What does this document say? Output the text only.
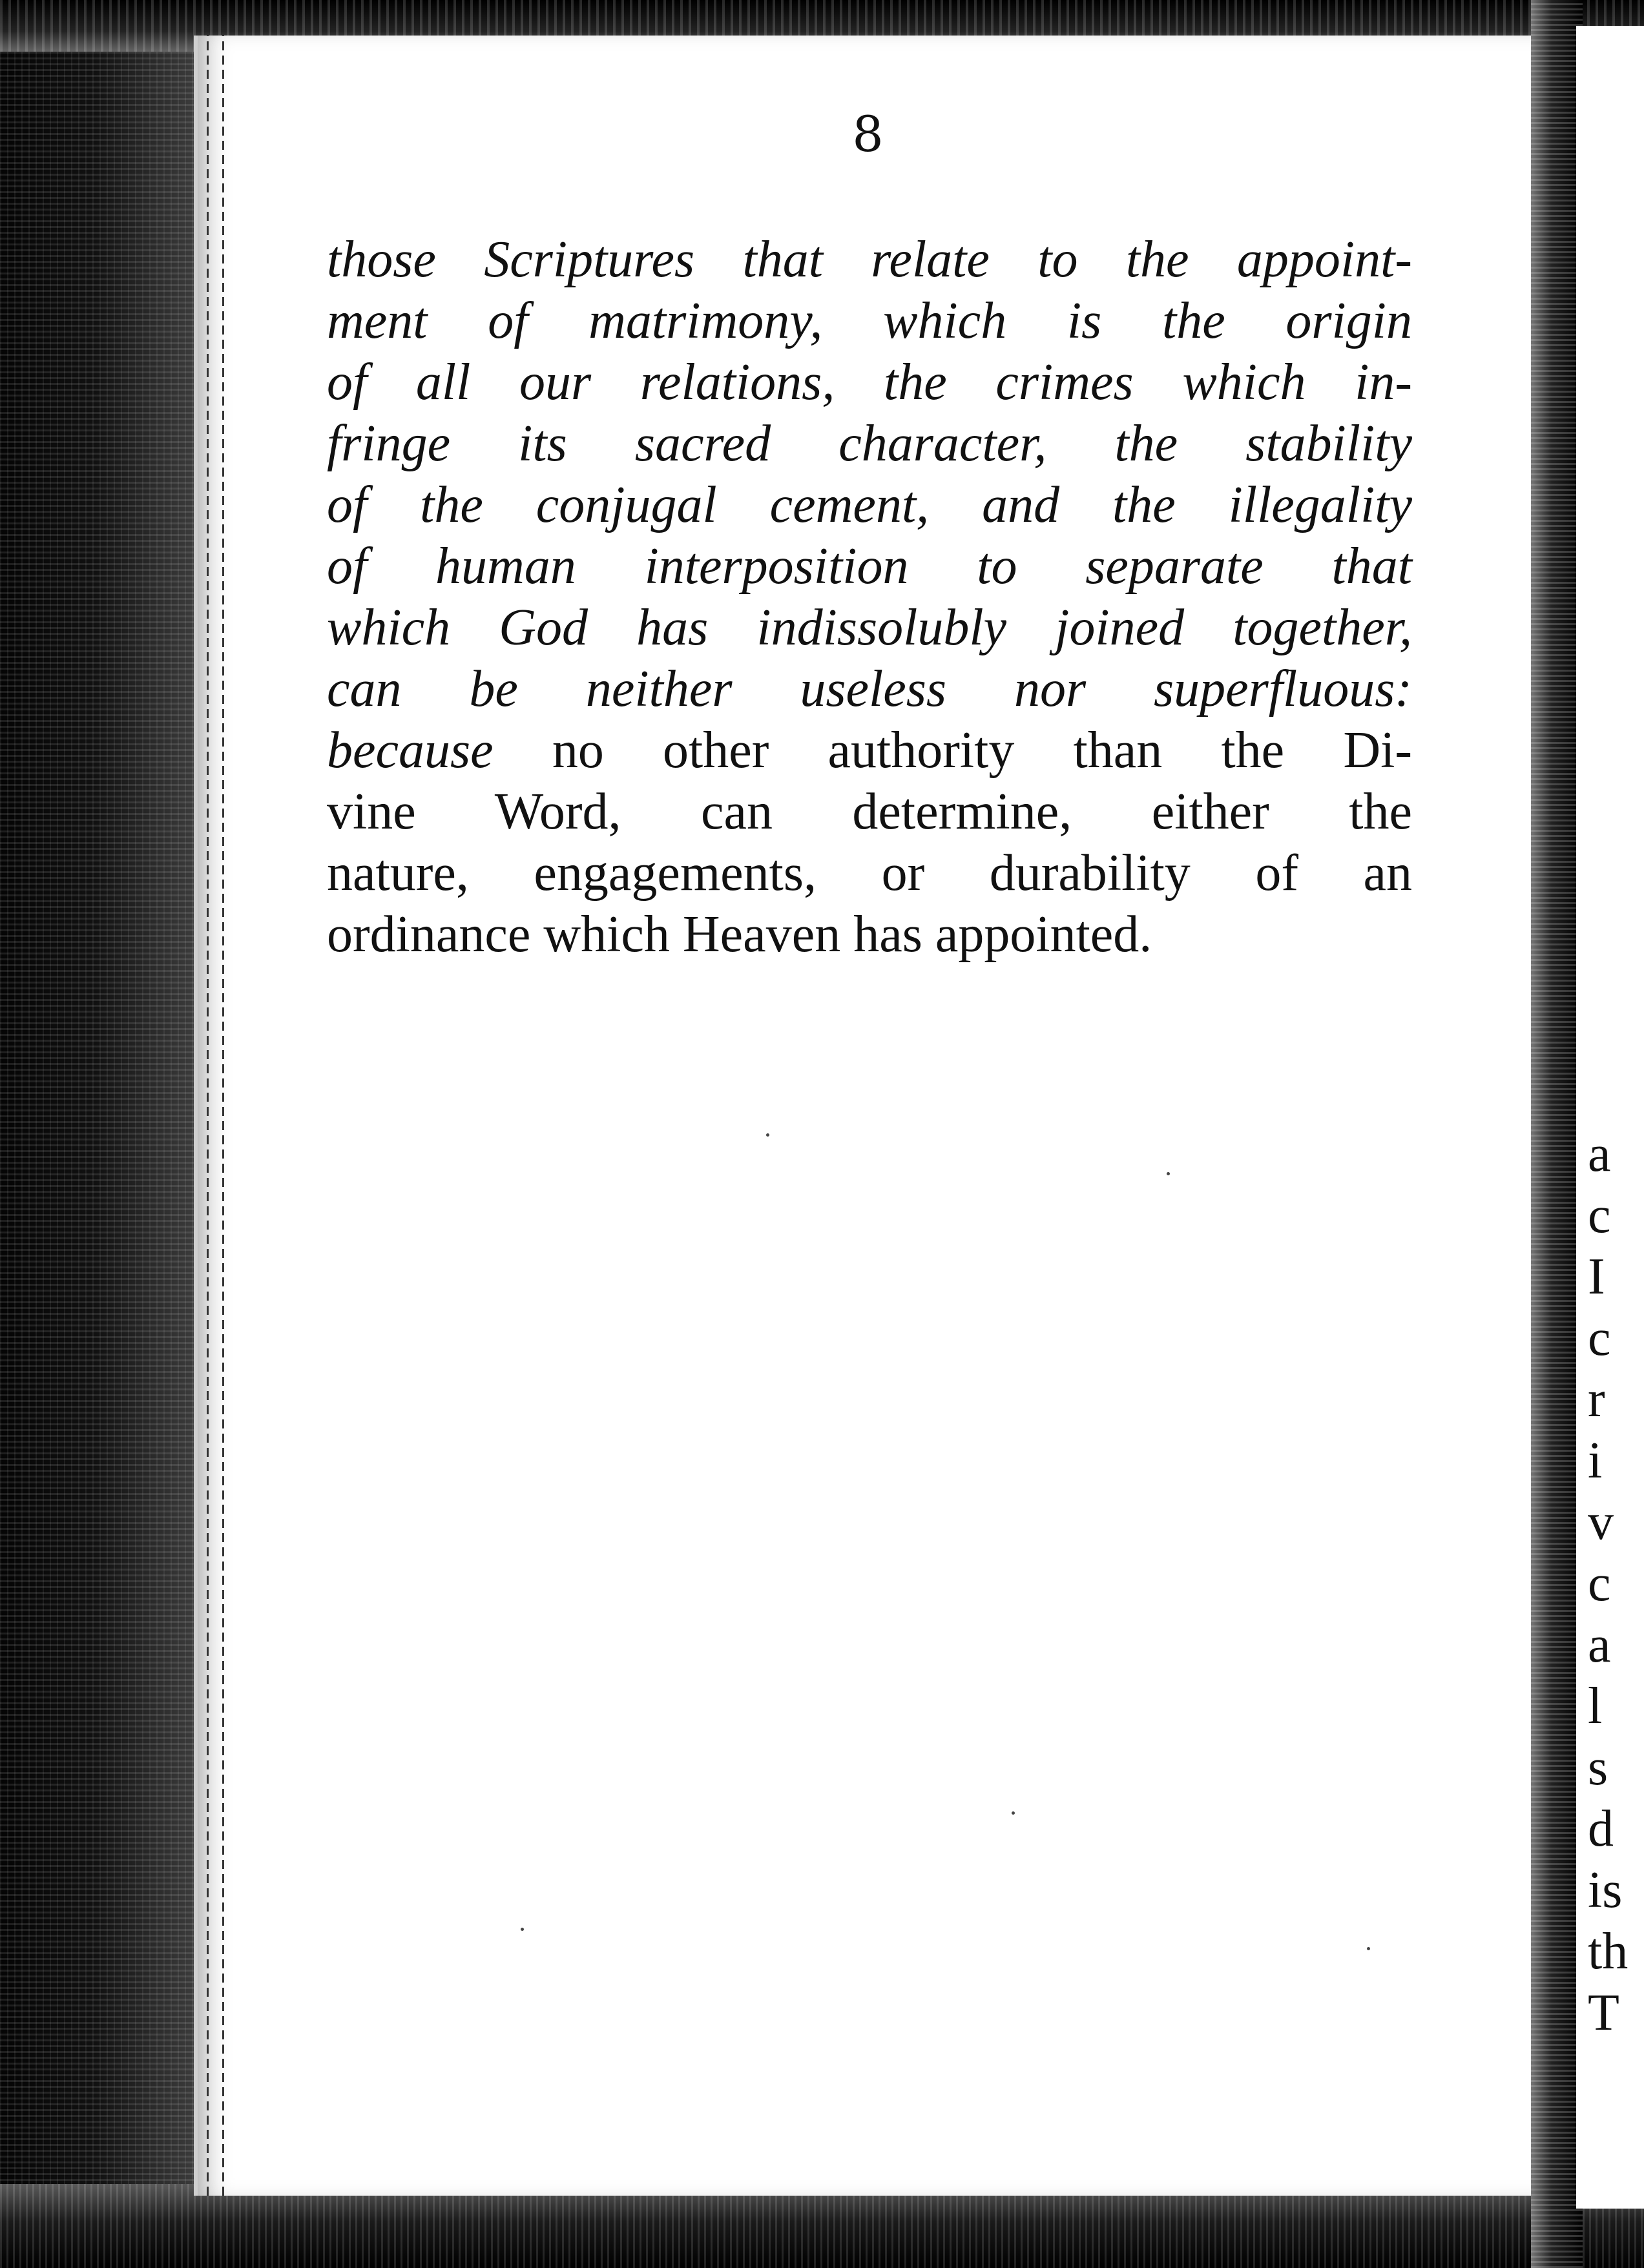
8
those Scriptures that relate to the appoint-
ment of matrimony, which is the origin
of all our relations, the crimes which in-
fringe its sacred character, the stability
of the conjugal cement, and the illegality
of human interposition to separate that
which God has indissolubly joined together,
can be neither useless nor superfluous:
because no other authority than the Di-
vine Word, can determine, either the
nature, engagements, or durability of an
ordinance which Heaven has appointed.
a
c
I
c
r
i
v
c
a
l
s
d
is
th
T
